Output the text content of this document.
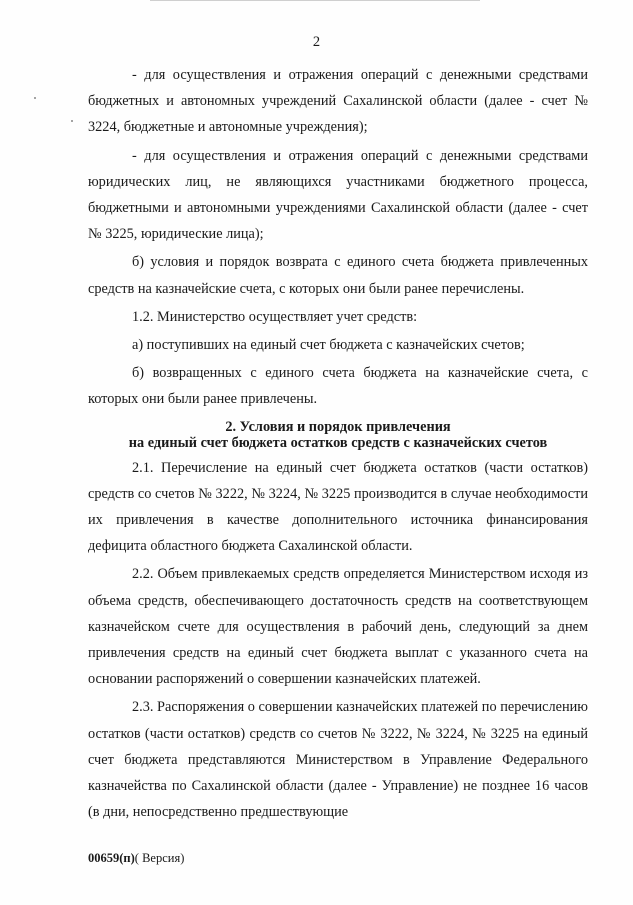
2

- для осуществления и отражения операций с денежными средствами бюджетных и автономных учреждений Сахалинской области (далее - счет № 3224, бюджетные и автономные учреждения);

- для осуществления и отражения операций с денежными средствами юридических лиц, не являющихся участниками бюджетного процесса, бюджетными и автономными учреждениями Сахалинской области (далее - счет № 3225, юридические лица);

б) условия и порядок возврата с единого счета бюджета привлеченных средств на казначейские счета, с которых они были ранее перечислены.

1.2. Министерство осуществляет учет средств:

а) поступивших на единый счет бюджета с казначейских счетов;

б) возвращенных с единого счета бюджета на казначейские счета, с которых они были ранее привлечены.

2. Условия и порядок привлечения
на единый счет бюджета остатков средств с казначейских счетов

2.1. Перечисление на единый счет бюджета остатков (части остатков) средств со счетов № 3222, № 3224, № 3225 производится в случае необходимости их привлечения в качестве дополнительного источника финансирования дефицита областного бюджета Сахалинской области.

2.2. Объем привлекаемых средств определяется Министерством исходя из объема средств, обеспечивающего достаточность средств на соответствующем казначейском счете для осуществления в рабочий день, следующий за днем привлечения средств на единый счет бюджета выплат с указанного счета на основании распоряжений о совершении казначейских платежей.

2.3. Распоряжения о совершении казначейских платежей по перечислению остатков (части остатков) средств со счетов № 3222, № 3224, № 3225 на единый счет бюджета представляются Министерством в Управление Федерального казначейства по Сахалинской области (далее - Управление) не позднее 16 часов (в дни, непосредственно предшествующие

00659(п)( Версия)
